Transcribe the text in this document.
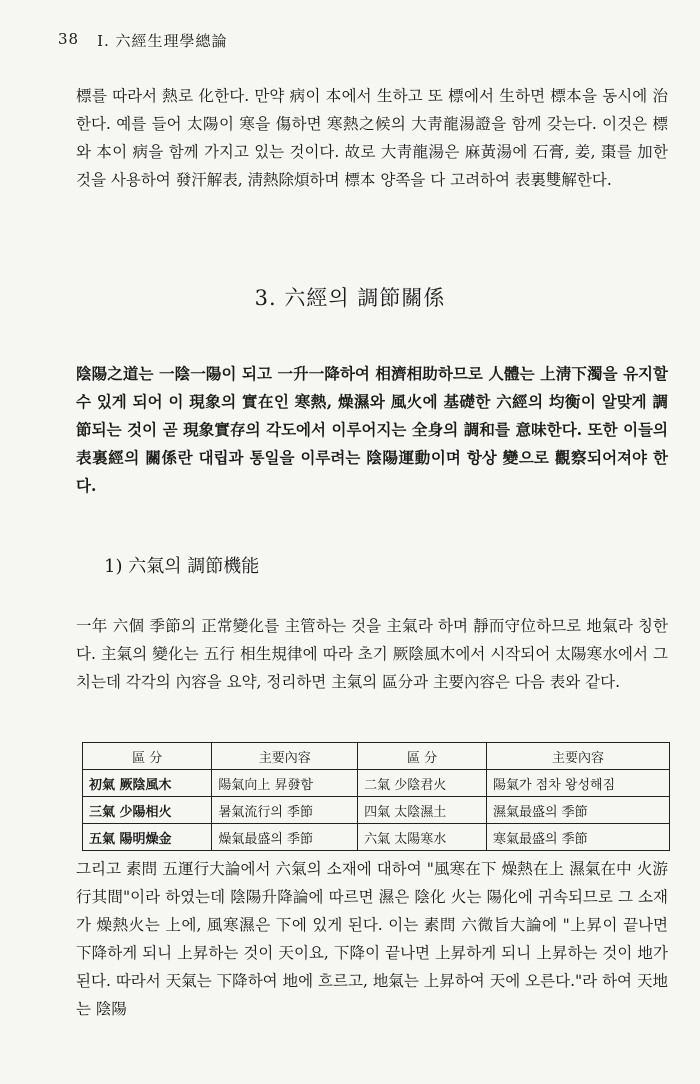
38 Ⅰ. 六經生理學總論

標를 따라서 熱로 化한다. 만약 病이 本에서 生하고 또 標에서 生하면 標本을 동시에 治한다. 예를 들어 太陽이 寒을 傷하면 寒熱之候의 大靑龍湯證을 함께 갖는다. 이것은 標와 本이 病을 함께 가지고 있는 것이다. 故로 大靑龍湯은 麻黃湯에 石膏, 姜, 棗를 加한것을 사용하여 發汗解表, 淸熱除煩하며 標本 양쪽을 다 고려하여 表裏雙解한다.

3. 六經의 調節關係

陰陽之道는 一陰一陽이 되고 一升一降하여 相濟相助하므로 人體는 上淸下濁을 유지할 수 있게 되어 이 現象의 實在인 寒熱, 燥濕와 風火에 基礎한 六經의 均衡이 알맞게 調節되는 것이 곧 現象實存의 각도에서 이루어지는 全身의 調和를 意味한다. 또한 이들의 表裏經의 關係란 대립과 통일을 이루려는 陰陽運動이며 항상 變으로 觀察되어져야 한다.

1) 六氣의 調節機能

一年 六個 季節의 正常變化를 主管하는 것을 主氣라 하며 靜而守位하므로 地氣라 칭한다. 主氣의 變化는 五行 相生規律에 따라 초기 厥陰風木에서 시작되어 太陽寒水에서 그치는데 각각의 內容을 요약, 정리하면 主氣의 區分과 主要內容은 다음 表와 같다.

區 分	主要內容	區 分	主要內容
初氣 厥陰風木	陽氣向上 昇發함	二氣 少陰君火	陽氣가 점차 왕성해짐
三氣 少陽相火	暑氣流行의 季節	四氣 太陰濕土	濕氣最盛의 季節
五氣 陽明燥金	燥氣最盛의 季節	六氣 太陽寒水	寒氣最盛의 季節

그리고 素問 五運行大論에서 六氣의 소재에 대하여 "風寒在下 燥熱在上 濕氣在中 火游行其間"이라 하였는데 陰陽升降論에 따르면 濕은 陰化 火는 陽化에 귀속되므로 그 소재가 燥熱火는 上에, 風寒濕은 下에 있게 된다. 이는 素問 六微旨大論에 "上昇이 끝나면 下降하게 되니 上昇하는 것이 天이요, 下降이 끝나면 上昇하게 되니 上昇하는 것이 地가 된다. 따라서 天氣는 下降하여 地에 흐르고, 地氣는 上昇하여 天에 오른다."라 하여 天地는 陰陽
